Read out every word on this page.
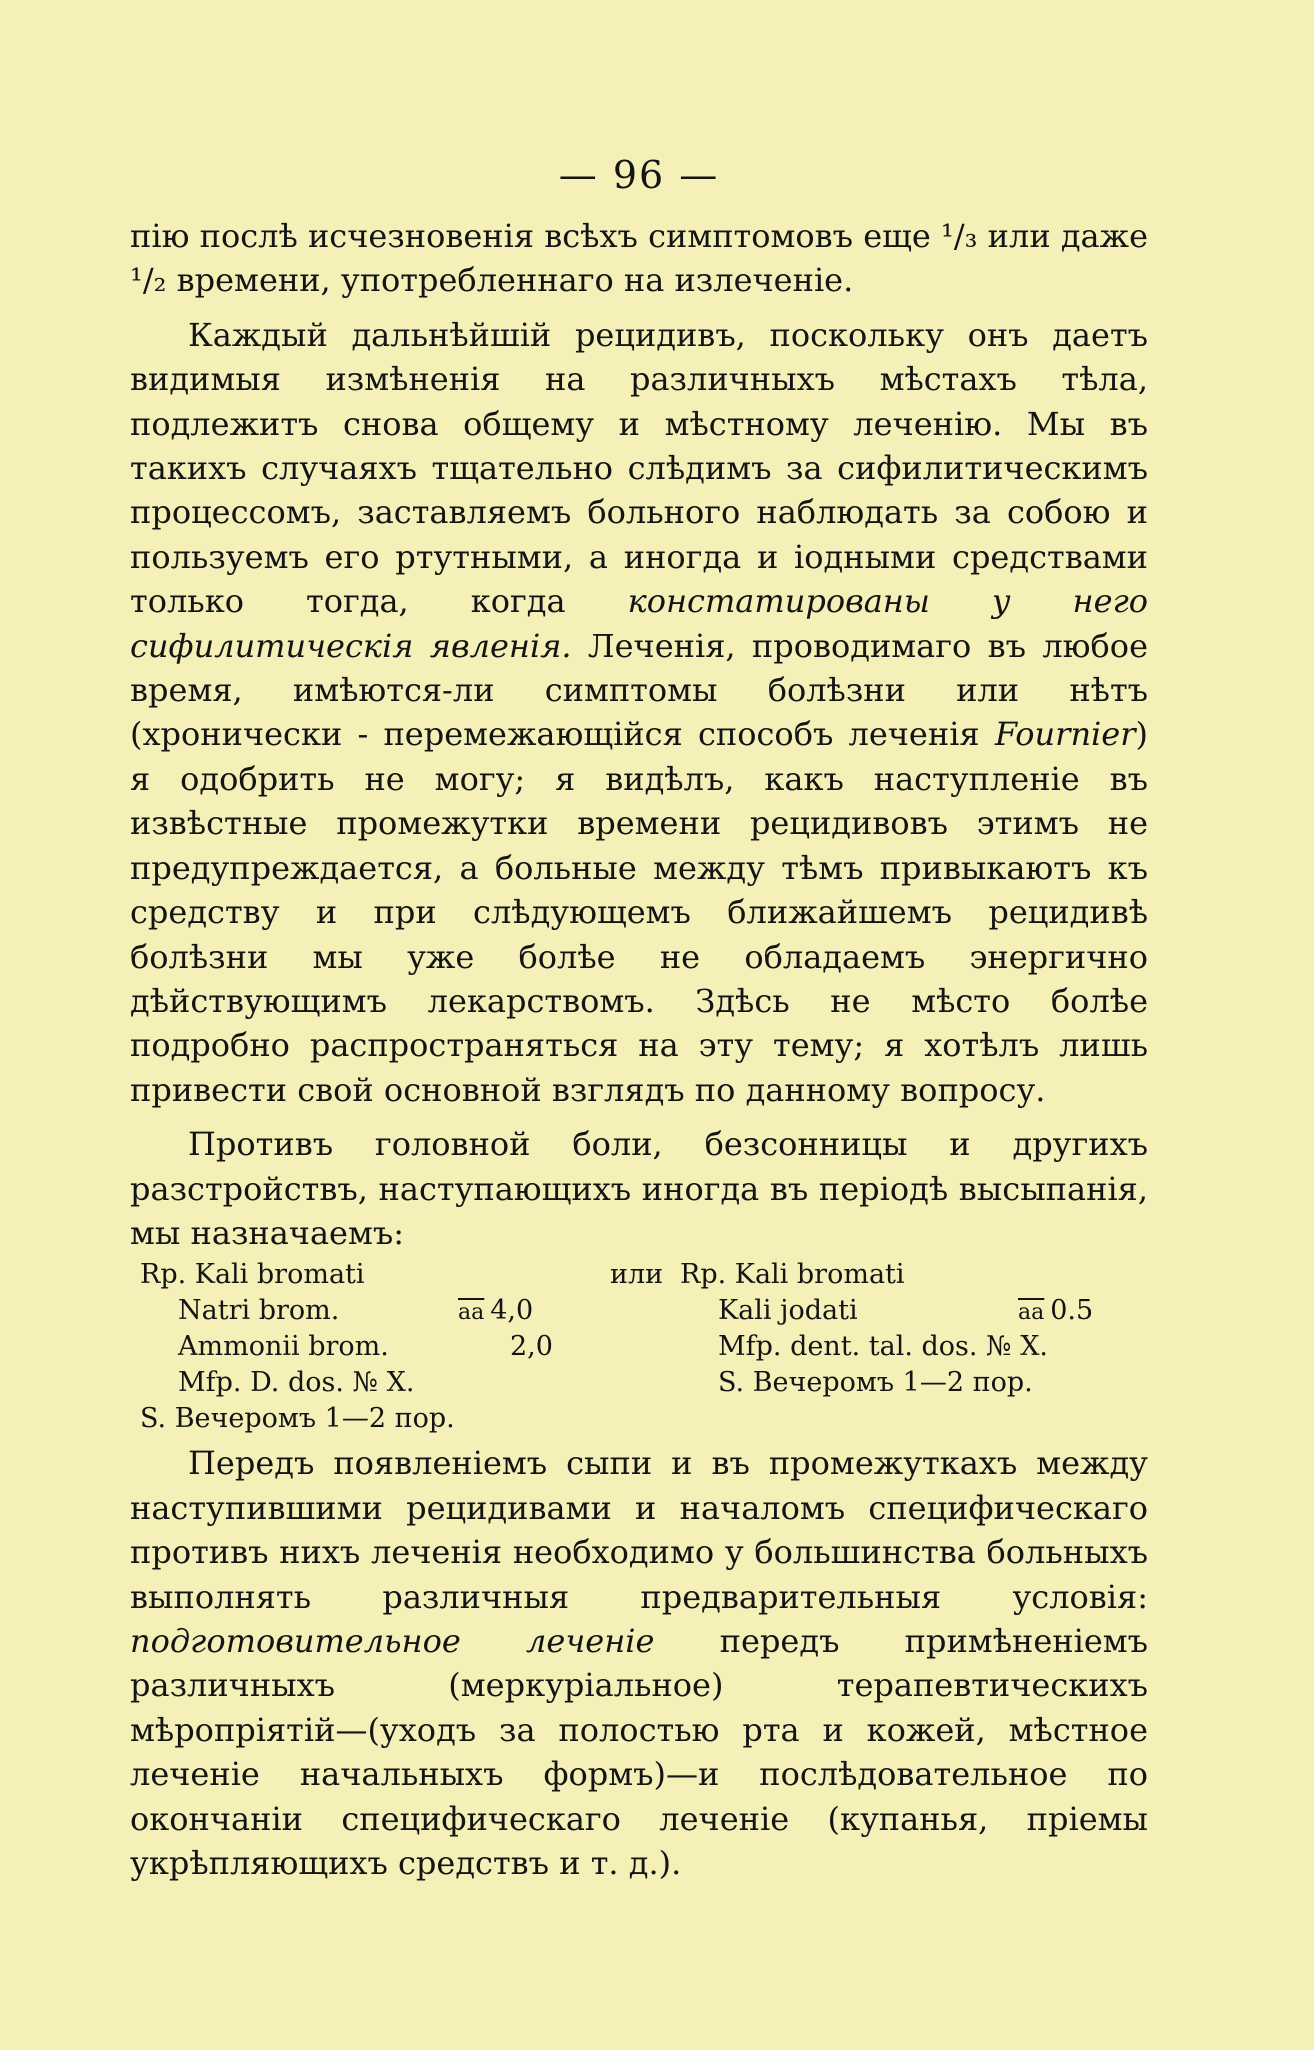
— 96 —

пію послѣ исчезновенія всѣхъ симптомовъ еще ¹/₃ или даже ¹/₂ времени, употребленнаго на излеченіе.

Каждый дальнѣйшій рецидивъ, поскольку онъ даетъ видимыя измѣненія на различныхъ мѣстахъ тѣла, подлежитъ снова общему и мѣстному леченію. Мы въ такихъ случаяхъ тщательно слѣдимъ за сифилитическимъ процессомъ, заставляемъ больного наблюдать за собою и пользуемъ его ртутными, а иногда и іодными средствами только тогда, когда констатированы у него сифилитическія явленія. Леченія, проводимаго въ любое время, имѣются-ли симптомы болѣзни или нѣтъ (хронически - перемежающійся способъ леченія Fournier) я одобрить не могу; я видѣлъ, какъ наступленіе въ извѣстные промежутки времени рецидивовъ этимъ не предупреждается, а больные между тѣмъ привыкаютъ къ средству и при слѣдующемъ ближайшемъ рецидивѣ болѣзни мы уже болѣе не обладаемъ энергично дѣйствующимъ лекарствомъ. Здѣсь не мѣсто болѣе подробно распространяться на эту тему; я хотѣлъ лишь привести свой основной взглядъ по данному вопросу.

Противъ головной боли, безсонницы и другихъ разстройствъ, наступающихъ иногда въ періодѣ высыпанія, мы назначаемъ:

Rp. Kali bromati
Natri brom.	$\overline{aa}$ 4,0
Ammonii brom.	2,0
Mfp. D. dos. № X.
S. Вечеромъ 1—2 пор.
или Rp. Kali bromati
Kali jodati	$\overline{aa}$ 0.5
Mfp. dent. tal. dos. № X.
S. Вечеромъ 1—2 пор.

Передъ появленіемъ сыпи и въ промежуткахъ между наступившими рецидивами и началомъ специфическаго противъ нихъ леченія необходимо у большинства больныхъ выполнять различныя предварительныя условія: подготовительное леченіе передъ примѣненіемъ различныхъ (меркуріальное) терапевтическихъ мѣропріятій—(уходъ за полостью рта и кожей, мѣстное леченіе начальныхъ формъ)—и послѣдовательное по окончаніи специфическаго леченіе (купанья, пріемы укрѣпляющихъ средствъ и т. д.).
